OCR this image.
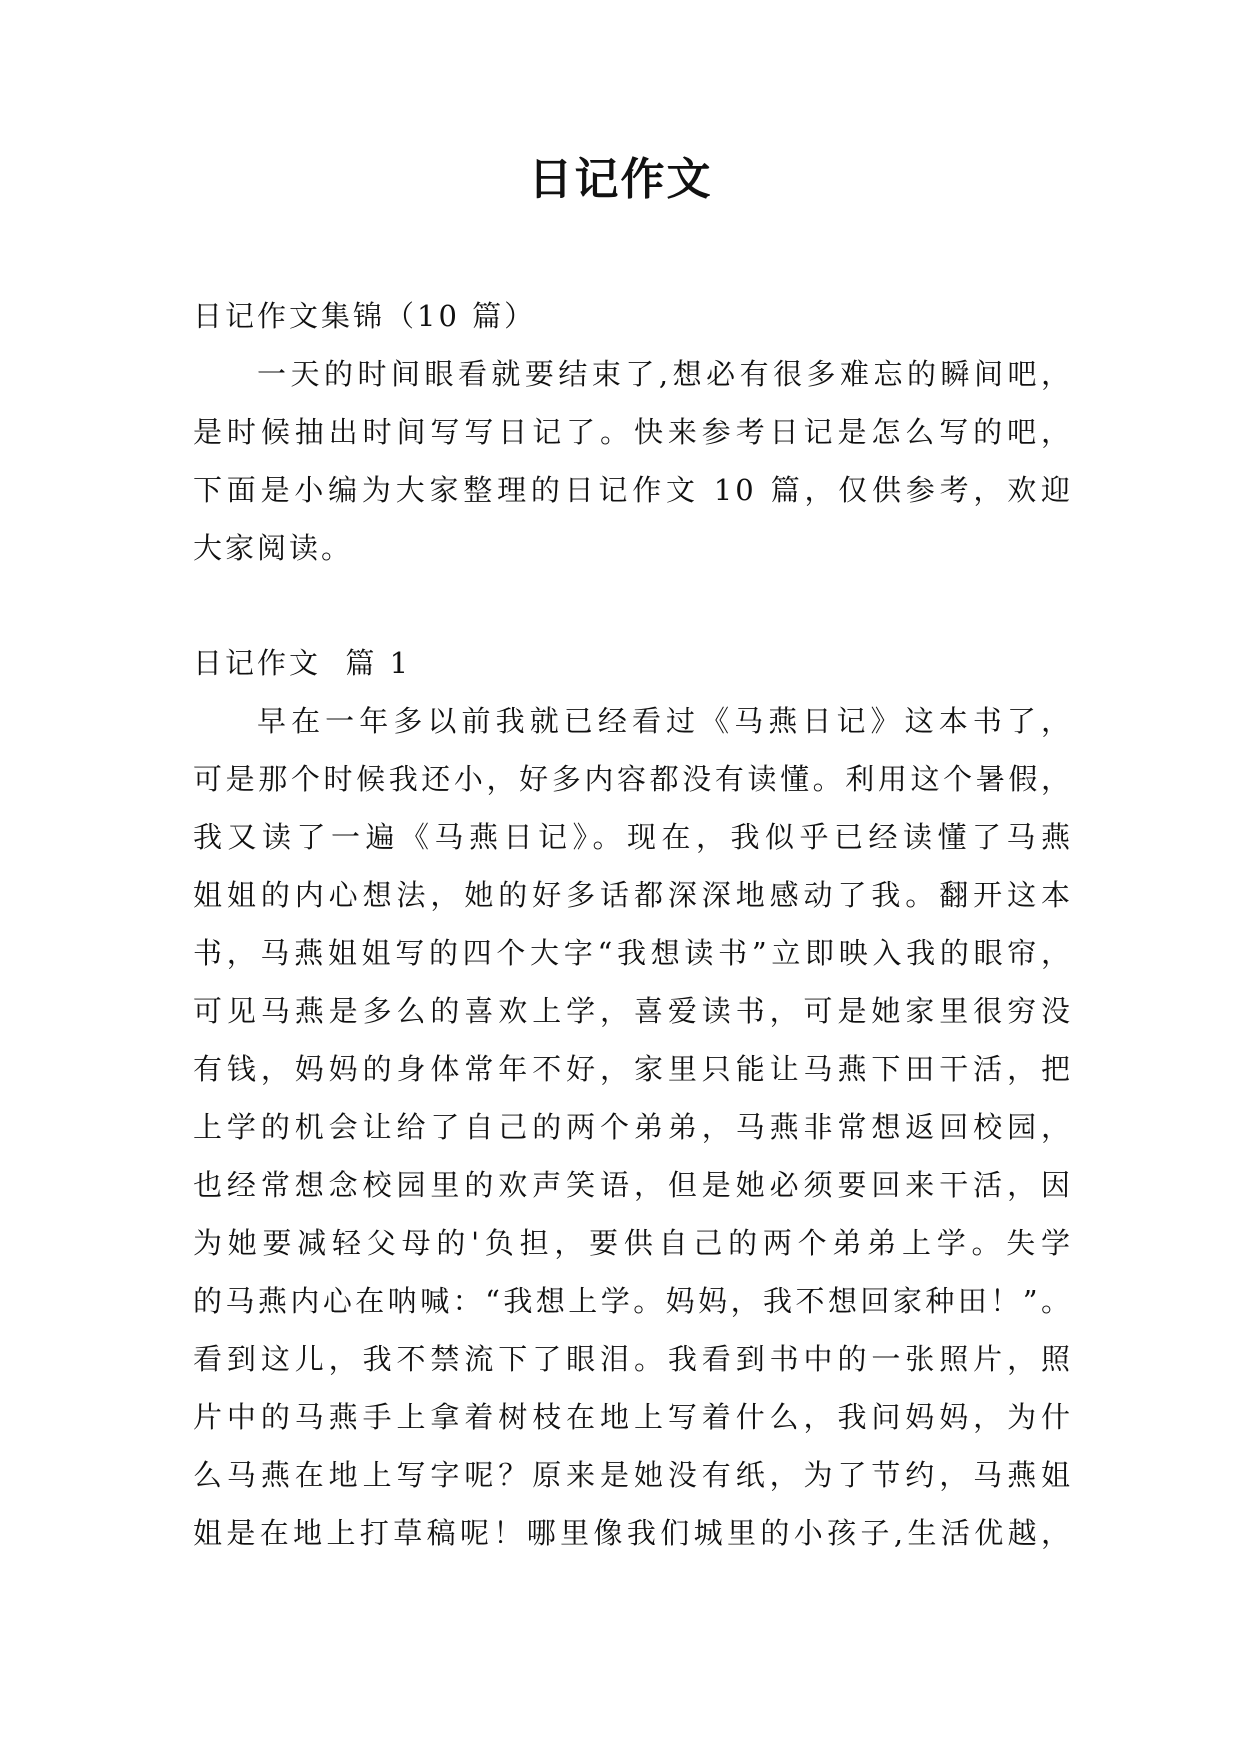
日记作文
日记作文集锦（10 篇）
一天的时间眼看就要结束了,想必有很多难忘的瞬间吧，
是时候抽出时间写写日记了。快来参考日记是怎么写的吧，
下面是小编为大家整理的日记作文 10 篇，仅供参考，欢迎
大家阅读。
日记作文  篇 1
早在一年多以前我就已经看过《马燕日记》这本书了，
可是那个时候我还小，好多内容都没有读懂。利用这个暑假，
我又读了一遍《马燕日记》。现在，我似乎已经读懂了马燕
姐姐的内心想法，她的好多话都深深地感动了我。翻开这本
书，马燕姐姐写的四个大字“我想读书”立即映入我的眼帘，
可见马燕是多么的喜欢上学，喜爱读书，可是她家里很穷没
有钱，妈妈的身体常年不好，家里只能让马燕下田干活，把
上学的机会让给了自己的两个弟弟，马燕非常想返回校园，
也经常想念校园里的欢声笑语，但是她必须要回来干活，因
为她要减轻父母的'负担，要供自己的两个弟弟上学。失学
的马燕内心在呐喊：“我想上学。妈妈，我不想回家种田！”。
看到这儿，我不禁流下了眼泪。我看到书中的一张照片，照
片中的马燕手上拿着树枝在地上写着什么，我问妈妈，为什
么马燕在地上写字呢？原来是她没有纸，为了节约，马燕姐
姐是在地上打草稿呢！哪里像我们城里的小孩子,生活优越，
